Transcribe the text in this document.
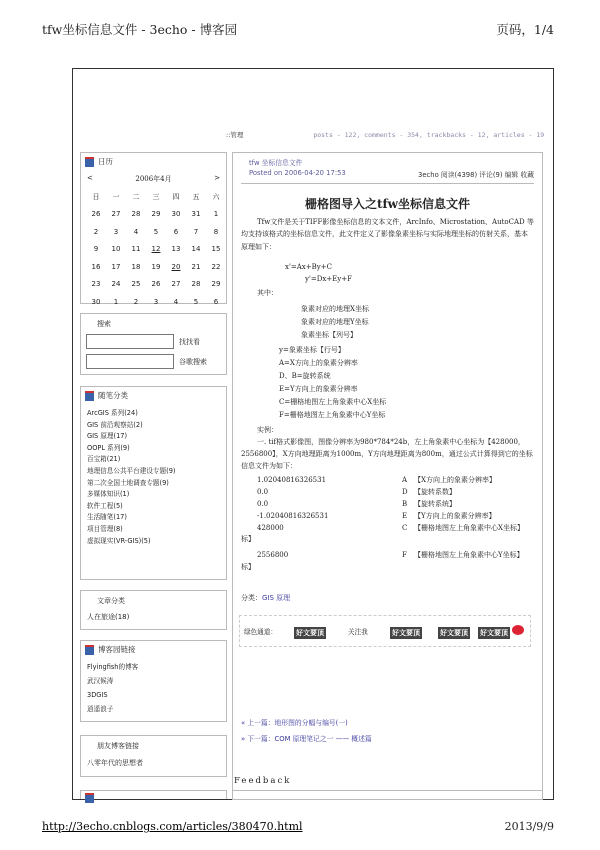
tfw坐标信息文件 - 3echo - 博客园	页码，1/4
http://3echo.cnblogs.com/articles/380470.html	2013/9/9
::管理	posts - 122, comments - 354, trackbacks - 12, articles - 19
日历
<	2006年4月	>
日	一	二	三	四	五	六
26	27	28	29	30	31	1
2	3	4	5	6	7	8
9	10	11	12	13	14	15
16	17	18	19	20	21	22
23	24	25	26	27	28	29
30	1	2	3	4	5	6
搜索
找找看
谷歌搜索
随笔分类
ArcGIS 系列(24)
GIS 前沿观察站(2)
GIS 原理(17)
OOPL 系列(9)
百宝箱(21)
地理信息公共平台建设专题(9)
第二次全国土地调查专题(9)
多媒体知识(1)
软件工程(5)
生活随笔(17)
项目管理(8)
虚拟现实(VR-GIS)(5)
文章分类
人在旅途(18)
博客园链接
Flyingfish的博客
武汉候涛
3DGIS
逍遥浪子
朋友博客链接
八零年代的思想者
tfw 坐标信息文件
Posted on 2006-04-20 17:53	3echo 阅读(4398) 评论(9) 编辑 收藏
栅格图导入之tfw坐标信息文件
Tfw文件是关于TIFF影像坐标信息的文本文件，ArcInfo、Microstation、AutoCAD 等均支持该格式的坐标信息文件，此文件定义了影像象素坐标与实际地理坐标的仿射关系，基本原理如下：
x'=Ax+By+C
y'=Dx+Ey+F
其中：
象素对应的地理X坐标
象素对应的地理Y坐标
象素坐标【列号】
y=象素坐标【行号】
A=X方向上的象素分辨率
D、B=旋转系统
E=Y方向上的象素分辨率
C=栅格地图左上角象素中心X坐标
F=栅格地图左上角象素中心Y坐标
实例：
一. tif格式影像图，图像分辨率为980*784*24b，左上角象素中心坐标为【428000，2556800】，X方向地理距离为1000m，Y方向地理距离为800m，通过公式计算得到它的坐标信息文件为如下：
1.02040816326531	A 【X方向上的象素分辨率】
0.0	D 【旋转系数】
0.0	B 【旋转系统】
-1.02040816326531	E 【Y方向上的象素分辨率】
428000	C 【栅格地图左上角象素中心X坐标】
标】
2556800	F	【栅格地图左上角象素中心Y坐标】
标】
分类：GIS 原理
绿色通道：	关注我
好文要顶	好文要顶	好文要顶 好文要顶
« 上一篇：地形图的分幅与编号(一)
» 下一篇：COM 原理笔记之一 —— 概述篇
Feedback
